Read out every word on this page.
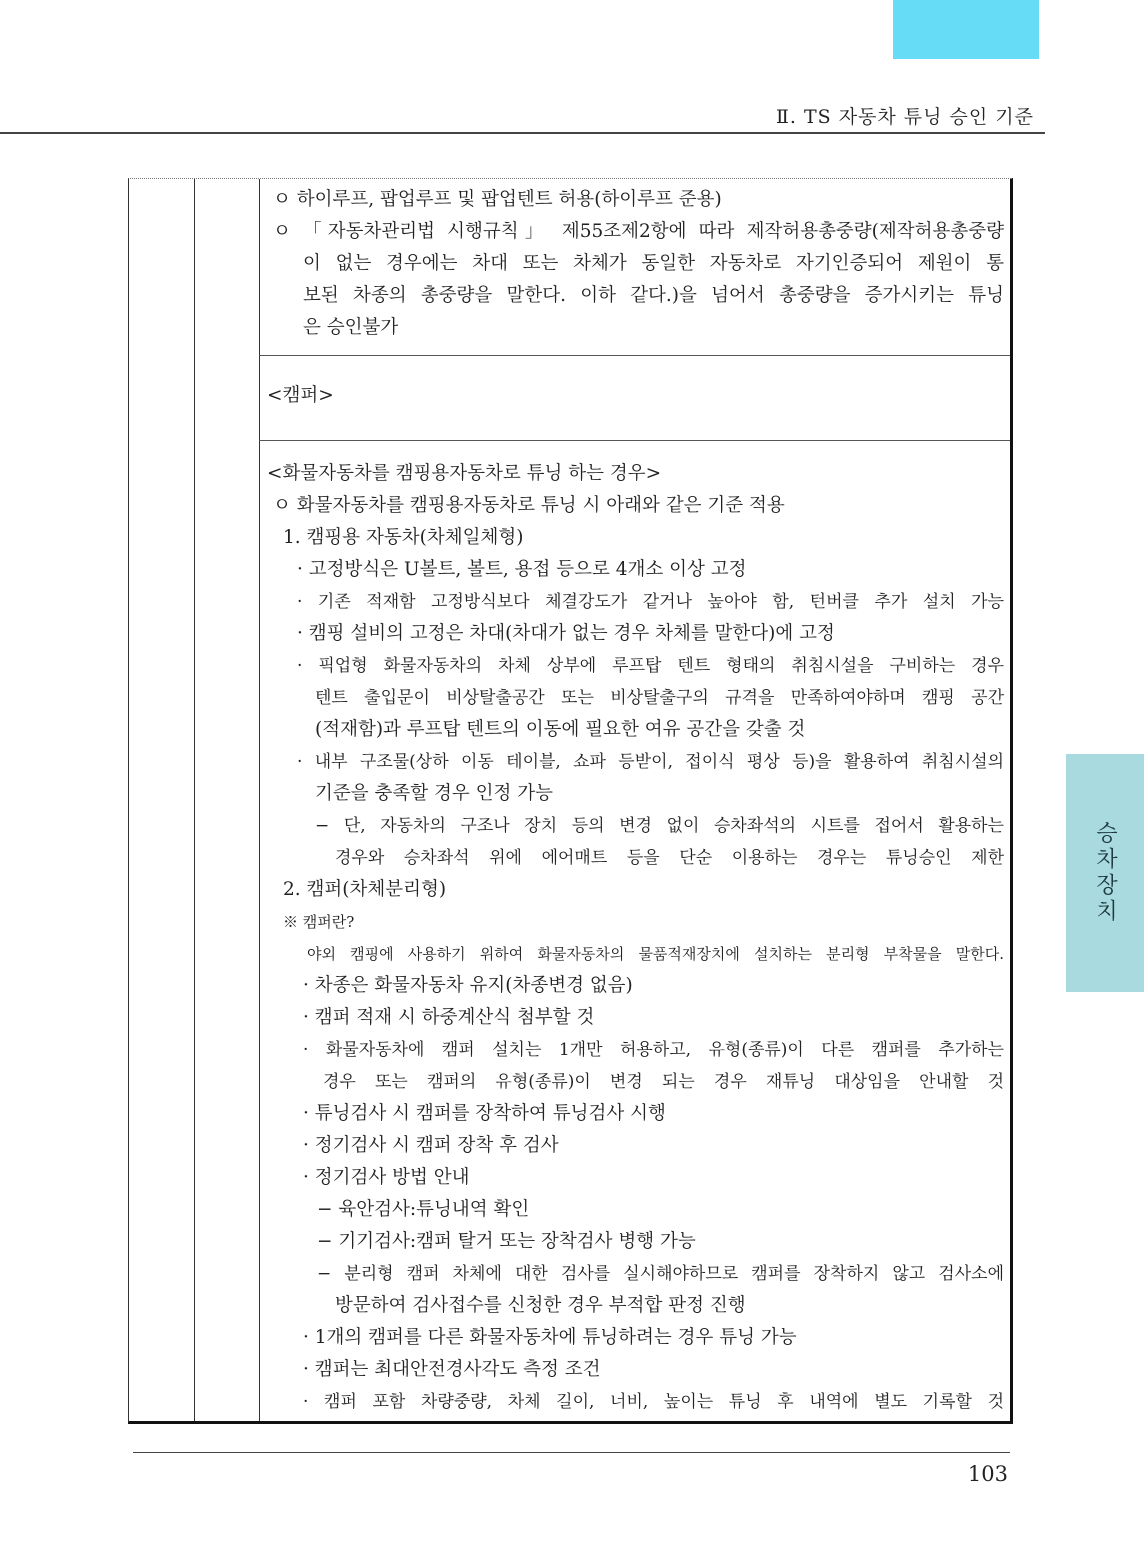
Ⅱ. TS 자동차 튜닝 승인 기준
승차장치
ㅇ 하이루프, 팝업루프 및 팝업텐트 허용(하이루프 준용)
ㅇ 「자동차관리법 시행규칙」 제55조제2항에 따라 제작허용총중량(제작허용총중량
이 없는 경우에는 차대 또는 차체가 동일한 자동차로 자기인증되어 제원이 통
보된 차종의 총중량을 말한다. 이하 같다.)을 넘어서 총중량을 증가시키는 튜닝
은 승인불가
<캠퍼>
<화물자동차를 캠핑용자동차로 튜닝 하는 경우>
ㅇ 화물자동차를 캠핑용자동차로 튜닝 시 아래와 같은 기준 적용
1. 캠핑용 자동차(차체일체형)
· 고정방식은 U볼트, 볼트, 용접 등으로 4개소 이상 고정
· 기존 적재함 고정방식보다 체결강도가 같거나 높아야 함, 턴버클 추가 설치 가능
· 캠핑 설비의 고정은 차대(차대가 없는 경우 차체를 말한다)에 고정
· 픽업형 화물자동차의 차체 상부에 루프탑 텐트 형태의 취침시설을 구비하는 경우
텐트 출입문이 비상탈출공간 또는 비상탈출구의 규격을 만족하여야하며 캠핑 공간
(적재함)과 루프탑 텐트의 이동에 필요한 여유 공간을 갖출 것
· 내부 구조물(상하 이동 테이블, 쇼파 등받이, 접이식 평상 등)을 활용하여 취침시설의
기준을 충족할 경우 인정 가능
− 단, 자동차의 구조나 장치 등의 변경 없이 승차좌석의 시트를 접어서 활용하는
경우와 승차좌석 위에 에어매트 등을 단순 이용하는 경우는 튜닝승인 제한
2. 캠퍼(차체분리형)
※ 캠퍼란?
야외 캠핑에 사용하기 위하여 화물자동차의 물품적재장치에 설치하는 분리형 부착물을 말한다.
· 차종은 화물자동차 유지(차종변경 없음)
· 캠퍼 적재 시 하중계산식 첨부할 것
· 화물자동차에 캠퍼 설치는 1개만 허용하고, 유형(종류)이 다른 캠퍼를 추가하는
경우 또는 캠퍼의 유형(종류)이 변경 되는 경우 재튜닝 대상임을 안내할 것
· 튜닝검사 시 캠퍼를 장착하여 튜닝검사 시행
· 정기검사 시 캠퍼 장착 후 검사
· 정기검사 방법 안내
− 육안검사:튜닝내역 확인
− 기기검사:캠퍼 탈거 또는 장착검사 병행 가능
− 분리형 캠퍼 차체에 대한 검사를 실시해야하므로 캠퍼를 장착하지 않고 검사소에
방문하여 검사접수를 신청한 경우 부적합 판정 진행
· 1개의 캠퍼를 다른 화물자동차에 튜닝하려는 경우 튜닝 가능
· 캠퍼는 최대안전경사각도 측정 조건
· 캠퍼 포함 차량중량, 차체 길이, 너비, 높이는 튜닝 후 내역에 별도 기록할 것
103
